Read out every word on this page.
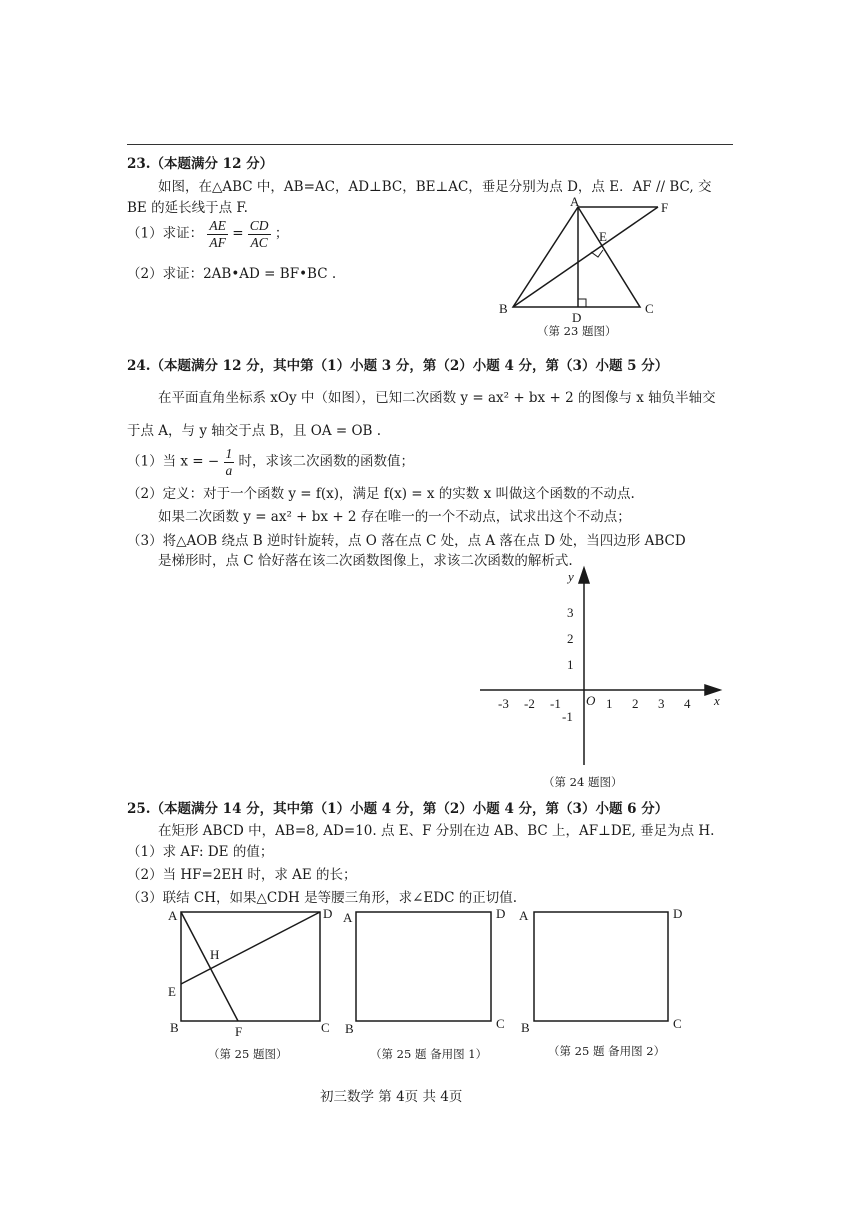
23.（本题满分 12 分）
如图，在△ABC 中，AB=AC，AD⊥BC，BE⊥AC，垂足分别为点 D，点 E．AF // BC, 交
BE 的延长线于点 F.
（1）求证： $\frac{AE}{AF} = \frac{CD}{AC}$ ；
（2）求证：2AB•AD = BF•BC .
A
B	C
D
E
F
（第 23 题图）
24.（本题满分 12 分，其中第（1）小题 3 分，第（2）小题 4 分，第（3）小题 5 分）
在平面直角坐标系 xOy 中（如图），已知二次函数 y = ax² + bx + 2 的图像与 x 轴负半轴交
于点 A，与 y 轴交于点 B，且 OA = OB .
（1）当 x = − $\frac{1}{a}$ 时，求该二次函数的函数值；
（2）定义：对于一个函数 y = f(x)，满足 f(x) = x 的实数 x 叫做这个函数的不动点.
如果二次函数 y = ax² + bx + 2 存在唯一的一个不动点，试求出这个不动点；
（3）将△AOB 绕点 B 逆时针旋转，点 O 落在点 C 处，点 A 落在点 D 处，当四边形 ABCD
是梯形时，点 C 恰好落在该二次函数图像上，求该二次函数的解析式.
-3 -2 -1	1 2 3 4
3
2
1
-1
x
y
O
（第 24 题图）
25.（本题满分 14 分，其中第（1）小题 4 分，第（2）小题 4 分，第（3）小题 6 分）
在矩形 ABCD 中，AB=8, AD=10. 点 E、F 分别在边 AB、BC 上，AF⊥DE, 垂足为点 H.
（1）求 AF: DE 的值；
（2）当 HF=2EH 时，求 AE 的长；
（3）联结 CH，如果△CDH 是等腰三角形，求∠EDC 的正切值.
A	D
B	C
E
F
H
（第 25 题图）
A	D
B	C
（第 25 题 备用图 1）
A	D
B	C
（第 25 题 备用图 2）
初三数学 第 4页 共 4页
